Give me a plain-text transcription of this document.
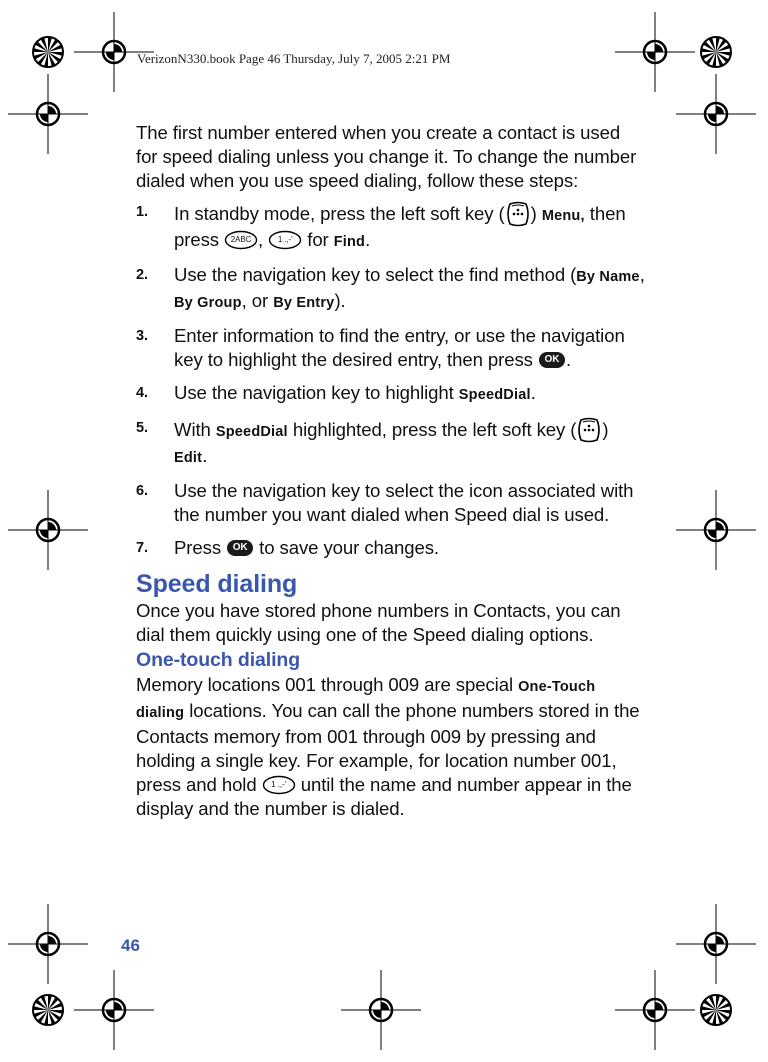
VerizonN330.book Page 46 Thursday, July 7, 2005 2:21 PM

The first number entered when you create a contact is used for speed dialing unless you change it. To change the number dialed when you use speed dialing, follow these steps:

1. In standby mode, press the left soft key ( ) Menu, then press 2ABC ,	1 .,-' for Find.
2. Use the navigation key to select the find method (By Name, By Group, or By Entry).
3. Enter information to find the entry, or use the navigation key to highlight the desired entry, then press OK .
4. Use the navigation key to highlight SpeedDial.
5. With SpeedDial highlighted, press the left soft key ( ) Edit.
6. Use the navigation key to select the icon associated with the number you want dialed when Speed dial is used.
7. Press OK to save your changes.

Speed dialing

Once you have stored phone numbers in Contacts, you can dial them quickly using one of the Speed dialing options.

One-touch dialing

Memory locations 001 through 009 are special One-Touch dialing locations. You can call the phone numbers stored in the Contacts memory from 001 through 009 by pressing and holding a single key. For example, for location number 001, press and hold	1 .,-' until the name and number appear in the display and the number is dialed.

46
